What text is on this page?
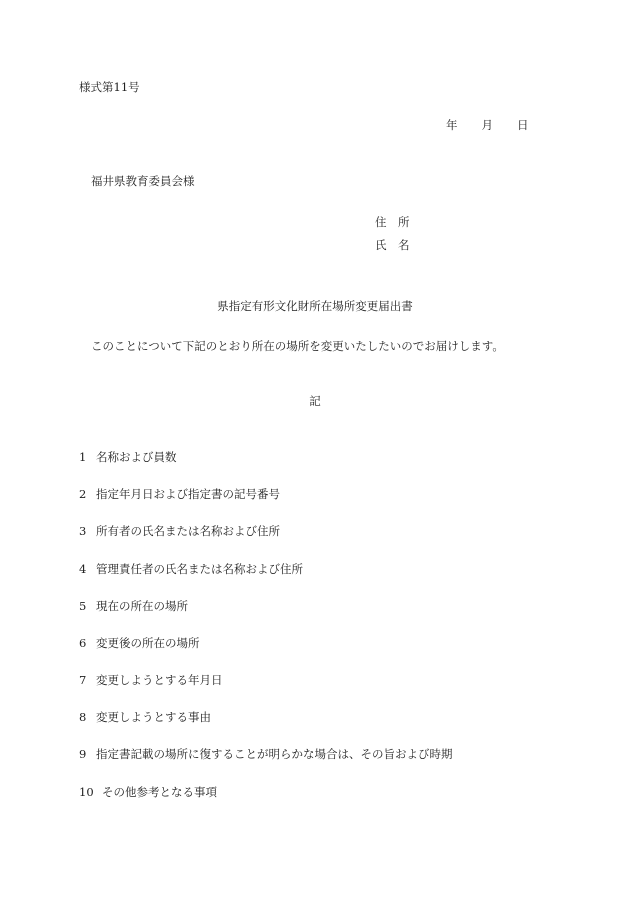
様式第11号
年 月 日
福井県教育委員会様
住　所
氏　名
県指定有形文化財所在場所変更届出書
このことについて下記のとおり所在の場所を変更いたしたいのでお届けします。
記
1 名称および員数
2 指定年月日および指定書の記号番号
3 所有者の氏名または名称および住所
4 管理責任者の氏名または名称および住所
5 現在の所在の場所
6 変更後の所在の場所
7 変更しようとする年月日
8 変更しようとする事由
9 指定書記載の場所に復することが明らかな場合は、その旨および時期
10 その他参考となる事項
